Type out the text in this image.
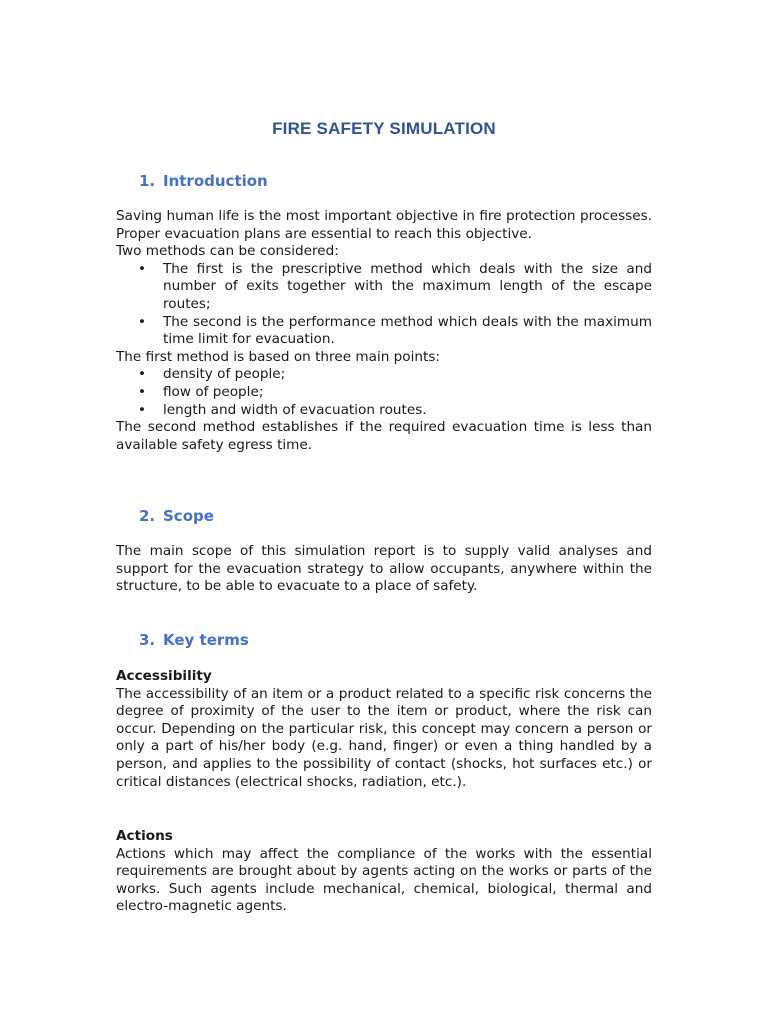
FIRE SAFETY SIMULATION
1. Introduction

Saving human life is the most important objective in fire protection processes. Proper evacuation plans are essential to reach this objective.

Two methods can be considered:

• The first is the prescriptive method which deals with the size and number of exits together with the maximum length of the escape routes;
• The second is the performance method which deals with the maximum time limit for evacuation.

The first method is based on three main points:

• density of people;
• flow of people;
• length and width of evacuation routes.

The second method establishes if the required evacuation time is less than available safety egress time.

2. Scope

The main scope of this simulation report is to supply valid analyses and support for the evacuation strategy to allow occupants, anywhere within the structure, to be able to evacuate to a place of safety.

3. Key terms

Accessibility

The accessibility of an item or a product related to a specific risk concerns the degree of proximity of the user to the item or product, where the risk can occur. Depending on the particular risk, this concept may concern a person or only a part of his/her body (e.g. hand, finger) or even a thing handled by a person, and applies to the possibility of contact (shocks, hot surfaces etc.) or critical distances (electrical shocks, radiation, etc.).

Actions

Actions which may affect the compliance of the works with the essential requirements are brought about by agents acting on the works or parts of the works. Such agents include mechanical, chemical, biological, thermal and electro-magnetic agents.
